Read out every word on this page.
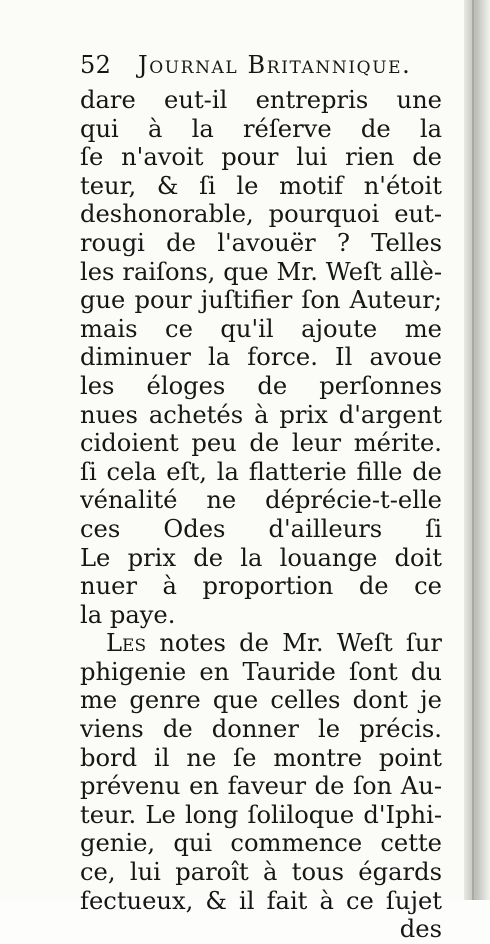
52	Journal Britannique.
dare eut-il entrepris une
qui à la réſerve de la
ſe n'avoit pour lui rien de
teur, & ſi le motif n'étoit
deshonorable, pourquoi eut-
rougi de l'avouër ? Telles
les raiſons, que Mr. Weſt allè-
gue pour juſtifier ſon Auteur;
mais ce qu'il ajoute me
diminuer la force. Il avoue
les éloges de perſonnes
nues achetés à prix d'argent
cidoient peu de leur mérite.
ſi cela eſt, la flatterie fille de
vénalité ne déprécie-t-elle
ces Odes d'ailleurs ſi
Le prix de la louange doit
nuer à proportion de ce
la paye.
Les notes de Mr. Weſt ſur
phigenie en Tauride ſont du
me genre que celles dont je
viens de donner le précis.
bord il ne ſe montre point
prévenu en faveur de ſon Au-
teur. Le long ſoliloque d'Iphi-
genie, qui commence cette
ce, lui paroît à tous égards
fectueux, & il fait à ce ſujet
des
